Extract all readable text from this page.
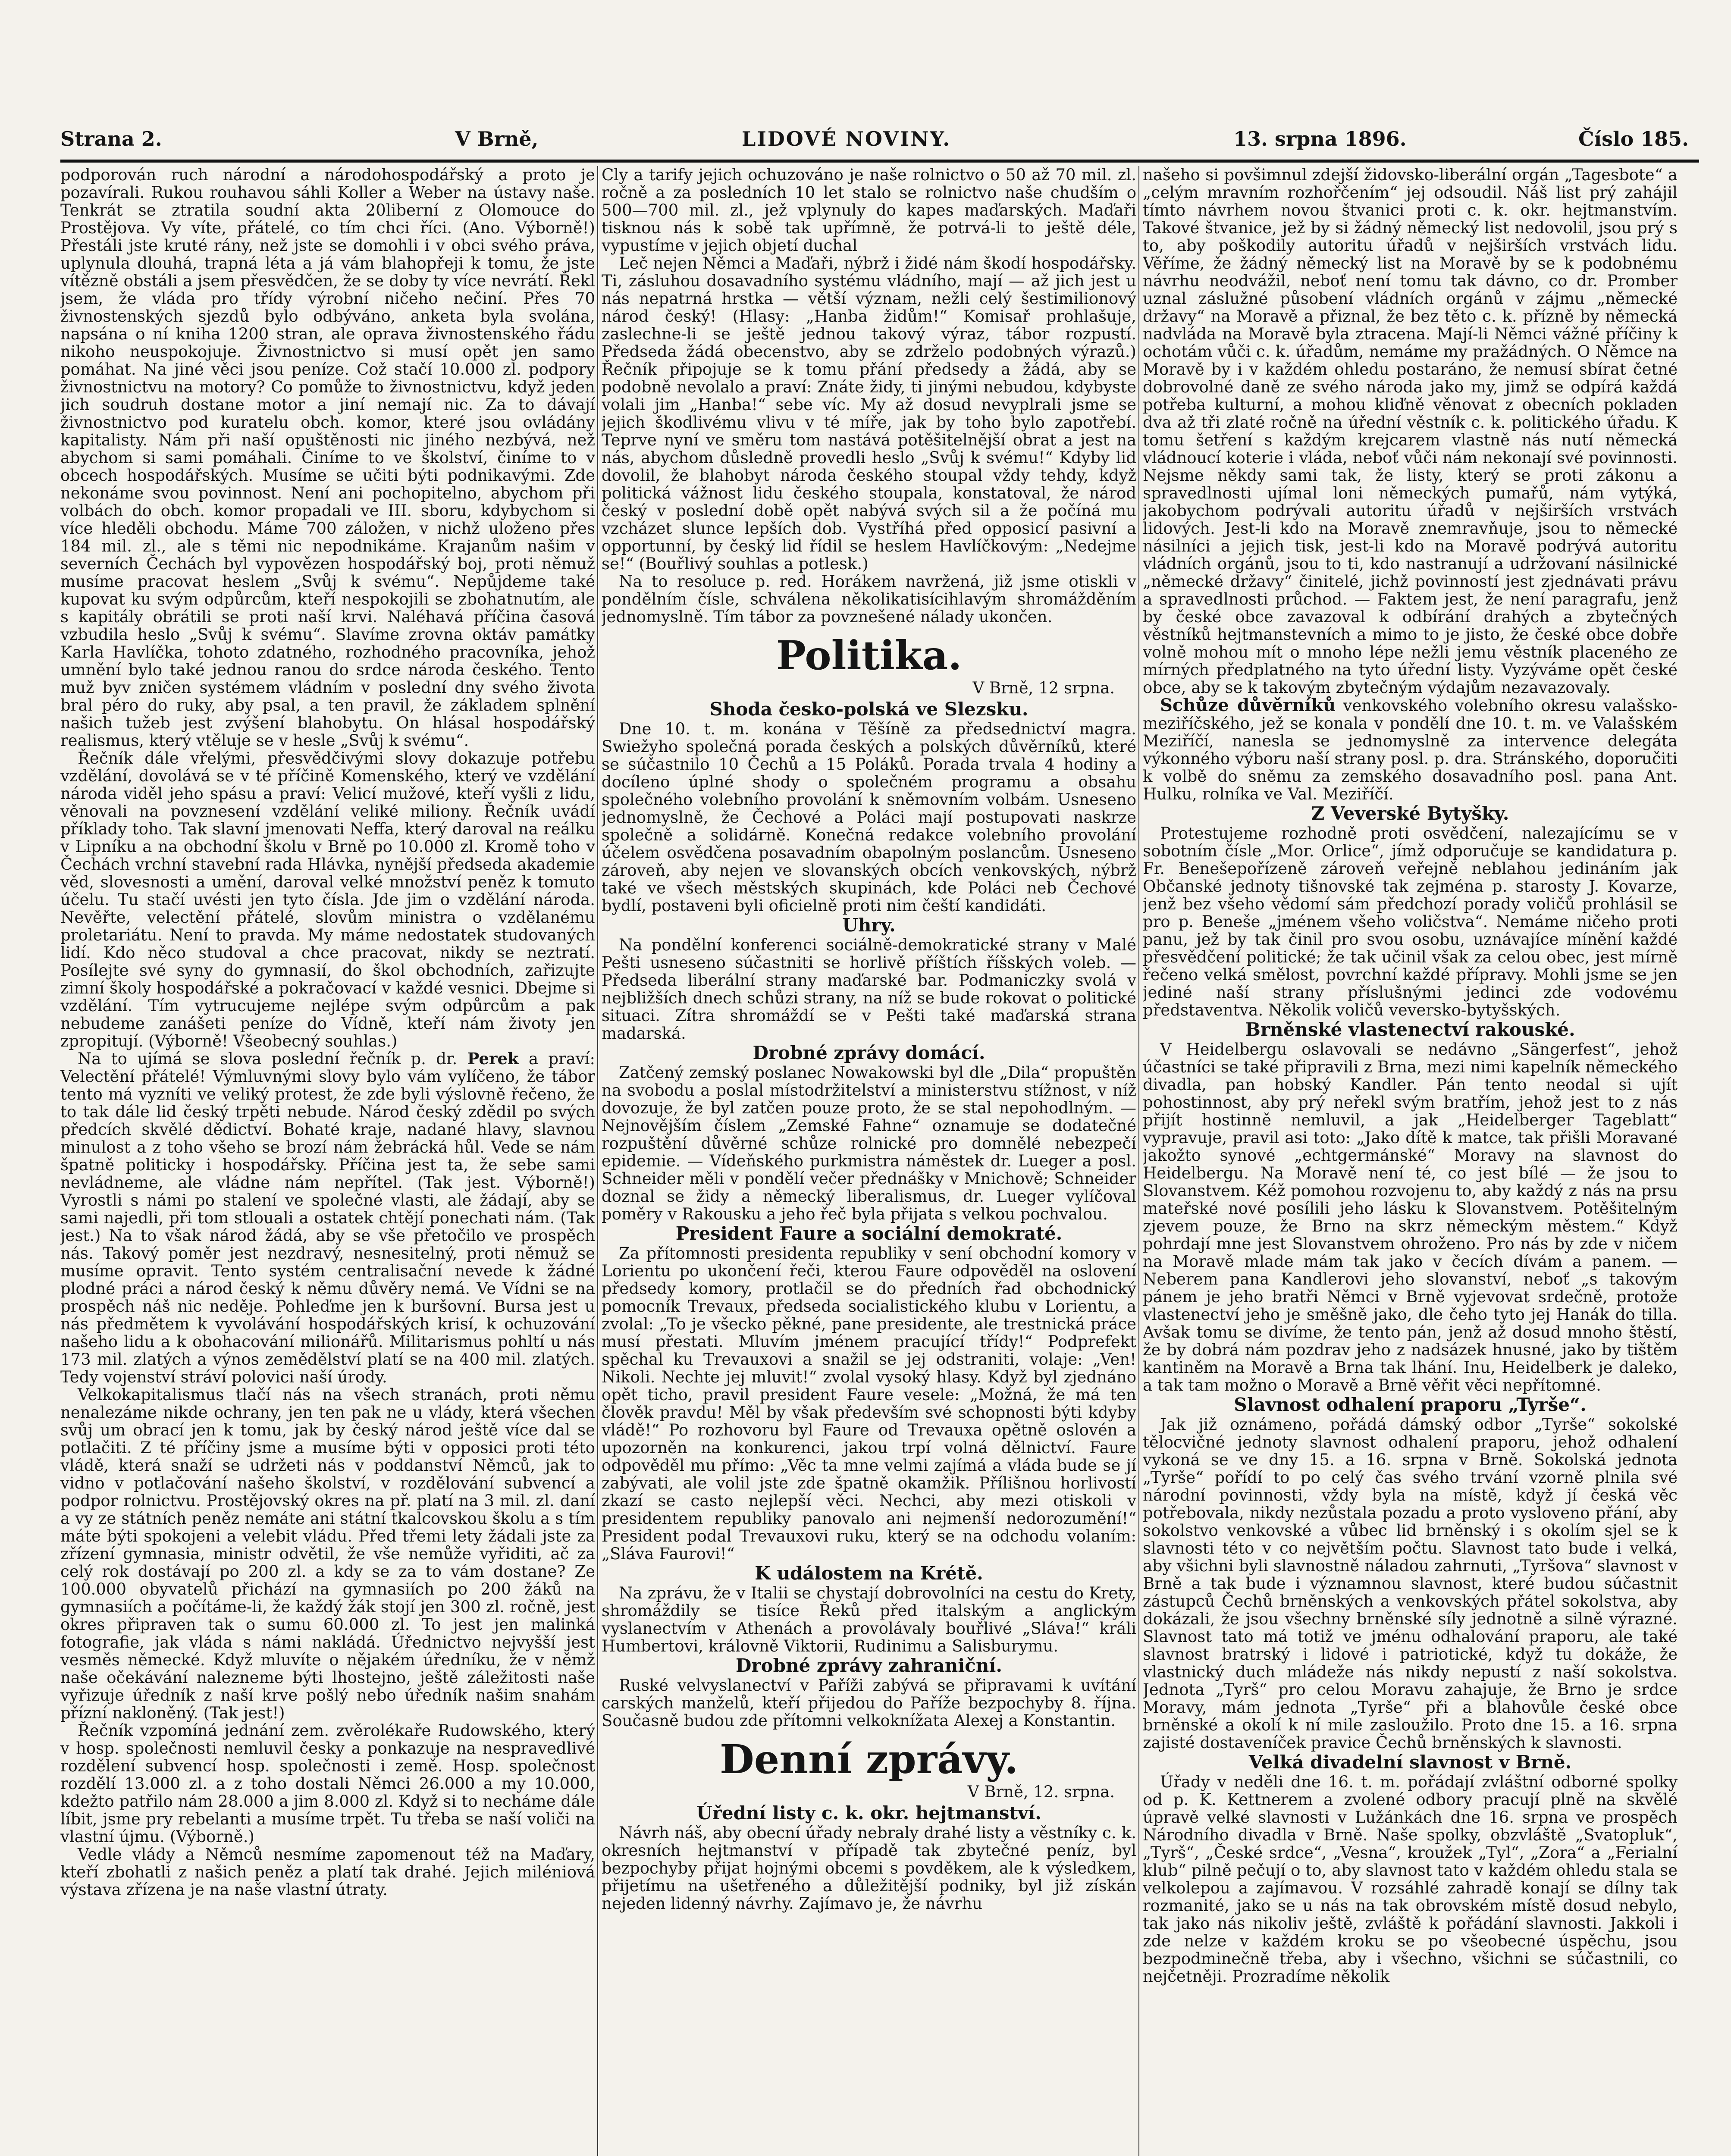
Strana 2.	V Brně,	LIDOVÉ NOVINY.	13. srpna 1896.	Číslo 185.

podporován ruch národní a národohospodářský a proto je pozavírali. Rukou rouhavou sáhli Koller a Weber na ústavy naše. Tenkrát se ztratila soudní akta 20liberní z Olomouce do Prostějova. Vy víte, přátelé, co tím chci říci. (Ano. Výborně!) Přestáli jste kruté rány, než jste se domohli i v obci svého práva, uplynula dlouhá, trapná léta a já vám blahopřeji k tomu, že jste vítězně obstáli a jsem přesvědčen, že se doby ty více nevrátí. Řekl jsem, že vláda pro třídy výrobní ničeho nečiní. Přes 70 živnostenských sjezdů bylo odbýváno, anketa byla svolána, napsána o ní kniha 1200 stran, ale oprava živnostenského řádu nikoho neuspokojuje. Živnostnictvo si musí opět jen samo pomáhat. Na jiné věci jsou peníze. Což stačí 10.000 zl. podpory živnostnictvu na motory? Co pomůže to živnostnictvu, když jeden jich soudruh dostane motor a jiní nemají nic. Za to dávají živnostnictvo pod kuratelu obch. komor, které jsou ovládány kapitalisty. Nám při naší opuštěnosti nic jiného nezbývá, než abychom si sami pomáhali. Činíme to ve školství, činíme to v obcech hospodářských. Musíme se učiti býti podnikavými. Zde nekonáme svou povinnost. Není ani pochopitelno, abychom při volbách do obch. komor propadali ve III. sboru, kdybychom si více hleděli obchodu. Máme 700 záložen, v nichž uloženo přes 184 mil. zl., ale s těmi nic nepodnikáme. Krajanům našim v severních Čechách byl vypovězen hospodářský boj, proti němuž musíme pracovat heslem „Svůj k svému“. Nepůjdeme také kupovat ku svým odpůrcům, kteří nespokojili se zbohatnutím, ale s kapitály obrátili se proti naší krvi. Naléhavá příčina časová vzbudila heslo „Svůj k svému“. Slavíme zrovna oktáv památky Karla Havlíčka, tohoto zdatného, rozhodného pracovníka, jehož umnění bylo také jednou ranou do srdce národa českého. Tento muž byv zničen systémem vládním v poslední dny svého života bral péro do ruky, aby psal, a ten pravil, že základem splnění našich tužeb jest zvýšení blahobytu. On hlásal hospodářský realismus, který vtěluje se v hesle „Svůj k svému“.

Řečník dále vřelými, přesvědčivými slovy dokazuje potřebu vzdělání, dovolává se v té příčině Komenského, který ve vzdělání národa viděl jeho spásu a praví: Velicí mužové, kteří vyšli z lidu, věnovali na povznesení vzdělání veliké miliony. Řečník uvádí příklady toho. Tak slavní jmenovati Neffa, který daroval na reálku v Lipníku a na obchodní školu v Brně po 10.000 zl. Kromě toho v Čechách vrchní stavební rada Hlávka, nynější předseda akademie věd, slovesnosti a umění, daroval velké množství peněz k tomuto účelu. Tu stačí uvésti jen tyto čísla. Jde jim o vzdělání národa. Nevěřte, velectění přátelé, slovům ministra o vzdělanému proletariátu. Není to pravda. My máme nedostatek studovaných lidí. Kdo něco studoval a chce pracovat, nikdy se neztratí. Posílejte své syny do gymnasií, do škol obchodních, zařizujte zimní školy hospodářské a pokračovací v každé vesnici. Dbejme si vzdělání. Tím vytrucujeme nejlépe svým odpůrcům a pak nebudeme zanášeti peníze do Vídně, kteří nám životy jen zpropitují. (Výborně! Všeobecný souhlas.)

Na to ujímá se slova poslední řečník p. dr. Perek a praví: Velectění přátelé! Výmluvnými slovy bylo vám vylíčeno, že tábor tento má vyzníti ve veliký protest, že zde byli výslovně řečeno, že to tak dále lid český trpěti nebude. Národ český zdědil po svých předcích skvělé dědictví. Bohaté kraje, nadané hlavy, slavnou minulost a z toho všeho se brozí nám žebrácká hůl. Vede se nám špatně politicky i hospodářsky. Příčina jest ta, že sebe sami nevládneme, ale vládne nám nepřítel. (Tak jest. Výborně!) Vyrostli s námi po stalení ve společné vlasti, ale žádají, aby se sami najedli, při tom stlouali a ostatek chtějí ponechati nám. (Tak jest.) Na to však národ žádá, aby se vše přetočilo ve prospěch nás. Takový poměr jest nezdravý, nesnesitelný, proti němuž se musíme opravit. Tento systém centralisační nevede k žádné plodné práci a národ český k němu důvěry nemá. Ve Vídni se na prospěch náš nic neděje. Pohleďme jen k buršovní. Bursa jest u nás předmětem k vyvolávání hospodářských krisí, k ochuzování našeho lidu a k obohacování milionářů. Militarismus pohltí u nás 173 mil. zlatých a výnos zemědělství platí se na 400 mil. zlatých. Tedy vojenství stráví polovici naší úrody.

Velkokapitalismus tlačí nás na všech stranách, proti němu nenalezáme nikde ochrany, jen ten pak ne u vlády, která všechen svůj um obrací jen k tomu, jak by český národ ještě více dal se potlačiti. Z té příčiny jsme a musíme býti v opposici proti této vládě, která snaží se udržeti nás v poddanství Němců, jak to vidno v potlačování našeho školství, v rozdělování subvencí a podpor rolnictvu. Prostějovský okres na př. platí na 3 mil. zl. daní a vy ze státních peněz nemáte ani státní tkalcovskou školu a s tím máte býti spokojeni a velebit vládu. Před třemi lety žádali jste za zřízení gymnasia, ministr odvětil, že vše nemůže vyřiditi, ač za celý rok dostávají po 200 zl. a kdy se za to vám dostane? Ze 100.000 obyvatelů přichází na gymnasiích po 200 žáků na gymnasiích a počítáme-li, že každý žák stojí jen 300 zl. ročně, jest okres připraven tak o sumu 60.000 zl. To jest jen malinká fotografie, jak vláda s námi nakládá. Úřednictvo nejvyšší jest vesměs německé. Když mluvíte o nějakém úředníku, že v němž naše očekávání nalezneme býti lhostejno, ještě záležitosti naše vyřizuje úředník z naší krve pošlý nebo úředník našim snahám přízní nakloněný. (Tak jest!)

Řečník vzpomíná jednání zem. zvěrolékaře Rudowského, který v hosp. společnosti nemluvil česky a ponkazuje na nespravedlivé rozdělení subvencí hosp. společnosti i země. Hosp. společnost rozdělí 13.000 zl. a z toho dostali Němci 26.000 a my 10.000, kdežto patřilo nám 28.000 a jim 8.000 zl. Když si to necháme dále líbit, jsme pry rebelanti a musíme trpět. Tu třeba se naší voliči na vlastní újmu. (Výborně.)

Vedle vlády a Němců nesmíme zapomenout též na Maďary, kteří zbohatli z našich peněz a platí tak drahé. Jejich miléniová výstava zřízena je na naše vlastní útraty.

Cly a tarify jejich ochuzováno je naše rolnictvo o 50 až 70 mil. zl. ročně a za posledních 10 let stalo se rolnictvo naše chudším o 500—700 mil. zl., jež vplynuly do kapes maďarských. Maďaři tisknou nás k sobě tak upřímně, že potrvá-li to ještě déle, vypustíme v jejich objetí duchal

Leč nejen Němci a Maďaři, nýbrž i židé nám škodí hospodářsky. Ti, zásluhou dosavadního systému vládního, mají — až jich jest u nás nepatrná hrstka — větší význam, nežli celý šestimilionový národ český! (Hlasy: „Hanba židům!“ Komisař prohlašuje, zaslechne-li se ještě jednou takový výraz, tábor rozpustí. Předseda žádá obecenstvo, aby se zdrželo podobných výrazů.) Řečník připojuje se k tomu přání předsedy a žádá, aby se podobně nevolalo a praví: Znáte židy, ti jinými nebudou, kdybyste volali jim „Hanba!“ sebe víc. My až dosud nevyplrali jsme se jejich škodlivému vlivu v té míře, jak by toho bylo zapotřebí. Teprve nyní ve směru tom nastává potěšitelnější obrat a jest na nás, abychom důsledně provedli heslo „Svůj k svému!“ Kdyby lid dovolil, že blahobyt národa českého stoupal vždy tehdy, když politická vážnost lidu českého stoupala, konstatoval, že národ český v poslední době opět nabývá svých sil a že počíná mu vzcházet slunce lepších dob. Vystříhá před opposicí pasivní a opportunní, by český lid řídil se heslem Havlíčkovým: „Nedejme se!“ (Bouřlivý souhlas a potlesk.)

Na to resoluce p. red. Horákem navržená, již jsme otiskli v pondělním čísle, schválena několikatisícihlavým shromážděním jednomyslně. Tím tábor za povznešené nálady ukončen.

Politika.
V Brně, 12 srpna.
Shoda česko-polská ve Slezsku.

Dne 10. t. m. konána v Těšíně za předsednictví magra. Swiežyho společná porada českých a polských důvěrníků, které se súčastnilo 10 Čechů a 15 Poláků. Porada trvala 4 hodiny a docíleno úplné shody o společném programu a obsahu společného volebního provolání k sněmovním volbám. Usneseno jednomyslně, že Čechové a Poláci mají postupovati naskrze společně a solidárně. Konečná redakce volebního provolání účelem osvědčena posavadním obapolným poslancům. Usneseno zároveň, aby nejen ve slovanských obcích venkovských, nýbrž také ve všech městských skupinách, kde Poláci neb Čechové bydlí, postaveni byli oficielně proti nim čeští kandidáti.

Uhry.

Na pondělní konferenci sociálně-demokratické strany v Malé Pešti usneseno súčastniti se horlivě příštích říšských voleb. — Předseda liberální strany maďarské bar. Podmaniczky svolá v nejbližších dnech schůzi strany, na níž se bude rokovat o politické situaci. Zítra shromáždí se v Pešti také maďarská strana madarská.

Drobné zprávy domácí.

Zatčený zemský poslanec Nowakowski byl dle „Dila“ propuštěn na svobodu a poslal místodržitelství a ministerstvu stížnost, v níž dovozuje, že byl zatčen pouze proto, že se stal nepohodlným. — Nejnovějším číslem „Zemské Fahne“ oznamuje se dodatečné rozpuštění důvěrné schůze rolnické pro domnělé nebezpečí epidemie. — Vídeňského purkmistra náměstek dr. Lueger a posl. Schneider měli v pondělí večer přednášky v Mnichově; Schneider doznal se židy a německý liberalismus, dr. Lueger vylíčoval poměry v Rakousku a jeho řeč byla přijata s velkou pochvalou.

President Faure a sociální demokraté.

Za přítomnosti presidenta republiky v sení obchodní komory v Lorientu po ukončení řeči, kterou Faure odpověděl na oslovení předsedy komory, protlačil se do předních řad obchodnický pomocník Trevaux, předseda socialistického klubu v Lorientu, a zvolal: „To je všecko pěkné, pane presidente, ale trestnická práce musí přestati. Mluvím jménem pracující třídy!“ Podprefekt spěchal ku Trevauxovi a snažil se jej odstraniti, volaje: „Ven! Nikoli. Nechte jej mluvit!“ zvolal vysoký hlasy. Když byl zjednáno opět ticho, pravil president Faure vesele: „Možná, že má ten člověk pravdu! Měl by však především své schopnosti býti kdyby vládě!“ Po rozhovoru byl Faure od Trevauxa opětně oslovén a upozorněn na konkurenci, jakou trpí volná dělnictví. Faure odpověděl mu přímo: „Věc ta mne velmi zajímá a vláda bude se jí zabývati, ale volil jste zde špatně okamžik. Přílišnou horlivostí zkazí se casto nejlepší věci. Nechci, aby mezi otiskoli v presidentem republiky panovalo ani nejmenší nedorozumění!“ President podal Trevauxovi ruku, který se na odchodu volaním: „Sláva Faurovi!“

K událostem na Krétě.

Na zprávu, že v Italii se chystají dobrovolníci na cestu do Krety, shromáždily se tisíce Řeků před italským a anglickým vyslanectvím v Athenách a provolávaly bouřlivé „Sláva!“ králi Humbertovi, královně Viktorii, Rudinimu a Salisburymu.

Drobné zprávy zahraniční.

Ruské velvyslanectví v Paříži zabývá se připravami k uvítání carských manželů, kteří přijedou do Paříže bezpochyby 8. října. Současně budou zde přítomni velkoknížata Alexej a Konstantin.

Denní zprávy.
V Brně, 12. srpna.
Úřední listy c. k. okr. hejtmanství.

Návrh náš, aby obecní úřady nebraly drahé listy a věstníky c. k. okresních hejtmanství v případě tak zbytečné peníz, byl bezpochyby přijat hojnými obcemi s povděkem, ale k výsledkem, přijetímu na ušetřeného a důležitější podniky, byl již získán nejeden lidenný návrhy. Zajímavo je, že návrhu

našeho si povšimnul zdejší židovsko-liberální orgán „Tagesbote“ a „celým mravním rozhořčením“ jej odsoudil. Náš list prý zahájil tímto návrhem novou štvanici proti c. k. okr. hejtmanstvím. Takové štvanice, jež by si žádný německý list nedovolil, jsou prý s to, aby poškodily autoritu úřadů v nejširších vrstvách lidu. Věříme, že žádný německý list na Moravě by se k podobnému návrhu neodvážil, neboť není tomu tak dávno, co dr. Promber uznal záslužné působení vládních orgánů v zájmu „německé državy“ na Moravě a přiznal, že bez těto c. k. přízně by německá nadvláda na Moravě byla ztracena. Mají-li Němci vážné příčiny k ochotám vůči c. k. úřadům, nemáme my pražádných. O Němce na Moravě by i v každém ohledu postaráno, že nemusí sbírat četné dobrovolné daně ze svého národa jako my, jimž se odpírá každá potřeba kulturní, a mohou kliďně věnovat z obecních pokladen dva až tři zlaté ročně na úřední věstník c. k. politického úřadu. K tomu šetření s každým krejcarem vlastně nás nutí německá vládnoucí koterie i vláda, neboť vůči nám nekonají své povinnosti. Nejsme někdy sami tak, že listy, který se proti zákonu a spravedlnosti ujímal loni německých pumařů, nám vytýká, jakobychom podrývali autoritu úřadů v nejširších vrstvách lidových. Jest-li kdo na Moravě znemravňuje, jsou to německé násilníci a jejich tisk, jest-li kdo na Moravě podrývá autoritu vládních orgánů, jsou to ti, kdo nastranují a udržovaní násilnické „německé državy“ činitelé, jichž povinností jest zjednávati právu a spravedlnosti průchod. — Faktem jest, že není paragrafu, jenž by české obce zavazoval k odbírání drahých a zbytečných věstníků hejtmanstevních a mimo to je jisto, že české obce dobře volně mohou mít o mnoho lépe nežli jemu věstník placeného ze mírných předplatného na tyto úřední listy. Vyzýváme opět české obce, aby se k takovým zbytečným výdajům nezavazovaly.

Schůze důvěrníků venkovského volebního okresu valašsko-meziříčského, jež se konala v pondělí dne 10. t. m. ve Valašském Meziříčí, nanesla se jednomyslně za intervence delegáta výkonného výboru naší strany posl. p. dra. Stránského, doporučiti k volbě do sněmu za zemského dosavadního posl. pana Ant. Hulku, rolníka ve Val. Meziříčí.

Z Veverské Bytyšky.

Protestujeme rozhodně proti osvědčení, nalezajícímu se v sobotním čísle „Mor. Orlice“, jímž odporučuje se kandidatura p. Fr. Benešepořízeně zároveň veřejně neblahou jedináním jak Občanské jednoty tišnovské tak zejména p. starosty J. Kovarze, jenž bez všeho vědomí sám předchozí porady voličů prohlásil se pro p. Beneše „jménem všeho voličstva“. Nemáme ničeho proti panu, jež by tak činil pro svou osobu, uznávajíce mínění každé přesvědčení politické; že tak učinil však za celou obec, jest mírně řečeno velká smělost, povrchní každé přípravy. Mohli jsme se jen jediné naší strany příslušnými jedinci zde vodovému představentva. Několik voličů veversko-bytyšských.

Brněnské vlastenectví rakouské.

V Heidelbergu oslavovali se nedávno „Sängerfest“, jehož účastníci se také připravili z Brna, mezi nimi kapelník německého divadla, pan hobský Kandler. Pán tento neodal si ujít pohostinnost, aby prý neřekl svým bratřím, jehož jest to z nás přijít hostinně nemluvil, a jak „Heidelberger Tageblatt“ vypravuje, pravil asi toto: „Jako dítě k matce, tak přišli Moravané jakožto synové „echtgermánské“ Moravy na slavnost do Heidelbergu. Na Moravě není té, co jest bílé — že jsou to Slovanstvem. Kéž pomohou rozvojenu to, aby každý z nás na prsu mateřské nové posílili jeho lásku k Slovanstvem. Potěšitelným zjevem pouze, že Brno na skrz německým městem.“ Když pohrdají mne jest Slovanstvem ohroženo. Pro nás by zde v ničem na Moravě mlade mám tak jako v čecích dívám a panem. — Neberem pana Kandlerovi jeho slovanství, neboť „s takovým pánem je jeho bratři Němci v Brně vyjevovat srdečně, protože vlastenectví jeho je směšně jako, dle čeho tyto jej Hanák do tilla. Avšak tomu se divíme, že tento pán, jenž až dosud mnoho štěstí, že by dobrá nám pozdrav jeho z nadsázek hnusné, jako by tištěm kantiněm na Moravě a Brna tak lhání. Inu, Heidelberk je daleko, a tak tam možno o Moravě a Brně věřit věci nepřítomné.

Slavnost odhalení praporu „Tyrše“.

Jak již oznámeno, pořádá dámský odbor „Tyrše“ sokolské tělocvičné jednoty slavnost odhalení praporu, jehož odhalení vykoná se ve dny 15. a 16. srpna v Brně. Sokolská jednota „Tyrše“ pořídí to po celý čas svého trvání vzorně plnila své národní povinnosti, vždy byla na místě, když jí česká věc potřebovala, nikdy nezůstala pozadu a proto vysloveno přání, aby sokolstvo venkovské a vůbec lid brněnský i s okolím sjel se k slavnosti této v co největším počtu. Slavnost tato bude i velká, aby všichni byli slavnostně náladou zahrnuti, „Tyršova“ slavnost v Brně a tak bude i významnou slavnost, které budou súčastnit zástupců Čechů brněnských a venkovských přátel sokolstva, aby dokázali, že jsou všechny brněnské síly jednotně a silně výrazné. Slavnost tato má totiž ve jménu odhalování praporu, ale také slavnost bratrský i lidové i patriotické, když tu dokáže, že vlastnický duch mládeže nás nikdy nepustí z naší sokolstva. Jednota „Tyrš“ pro celou Moravu zahajuje, že Brno je srdce Moravy, mám jednota „Tyrše“ při a blahovůle české obce brněnské a okolí k ní mile zasloužilo. Proto dne 15. a 16. srpna zajisté dostaveníček pravice Čechů brněnských k slavnosti.

Velká divadelní slavnost v Brně.

Úřady v neděli dne 16. t. m. pořádají zvláštní odborné spolky od p. K. Kettnerem a zvolené odbory pracují plně na skvělé úpravě velké slavnosti v Lužánkách dne 16. srpna ve prospěch Národního divadla v Brně. Naše spolky, obzvláště „Svatopluk“, „Tyrš“, „České srdce“, „Vesna“, kroužek „Tyl“, „Zora“ a „Ferialní klub“ pilně pečují o to, aby slavnost tato v každém ohledu stala se velkolepou a zajímavou. V rozsáhlé zahradě konají se dílny tak rozmanité, jako se u nás na tak obrovském místě dosud nebylo, tak jako nás nikoliv ještě, zvláště k pořádání slavnosti. Jakkoli i zde nelze v každém kroku se po všeobecné úspěchu, jsou bezpodminečně třeba, aby i všechno, všichni se súčastnili, co nejčetněji. Prozradíme několik
